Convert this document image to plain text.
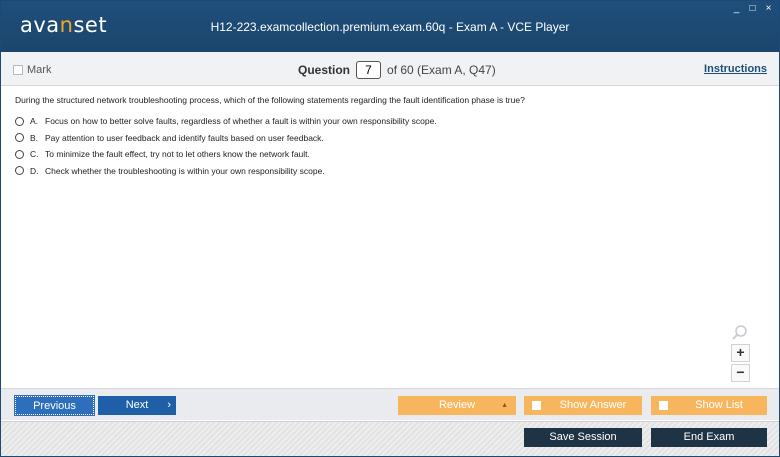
avanset	H12-223.examcollection.premium.exam.60q - Exam A - VCE Player
_ □ ×
Mark	Question	7	of 60 (Exam A, Q47)	Instructions
During the structured network troubleshooting process, which of the following statements regarding the fault identification phase is true?
A. Focus on how to better solve faults, regardless of whether a fault is within your own responsibility scope.
B. Pay attention to user feedback and identify faults based on user feedback.
C. To minimize the fault effect, try not to let others know the network fault.
D. Check whether the troubleshooting is within your own responsibility scope.
+
−
Previous	Next ›	Review	▲	Show Answer	Show List
Save Session	End Exam
